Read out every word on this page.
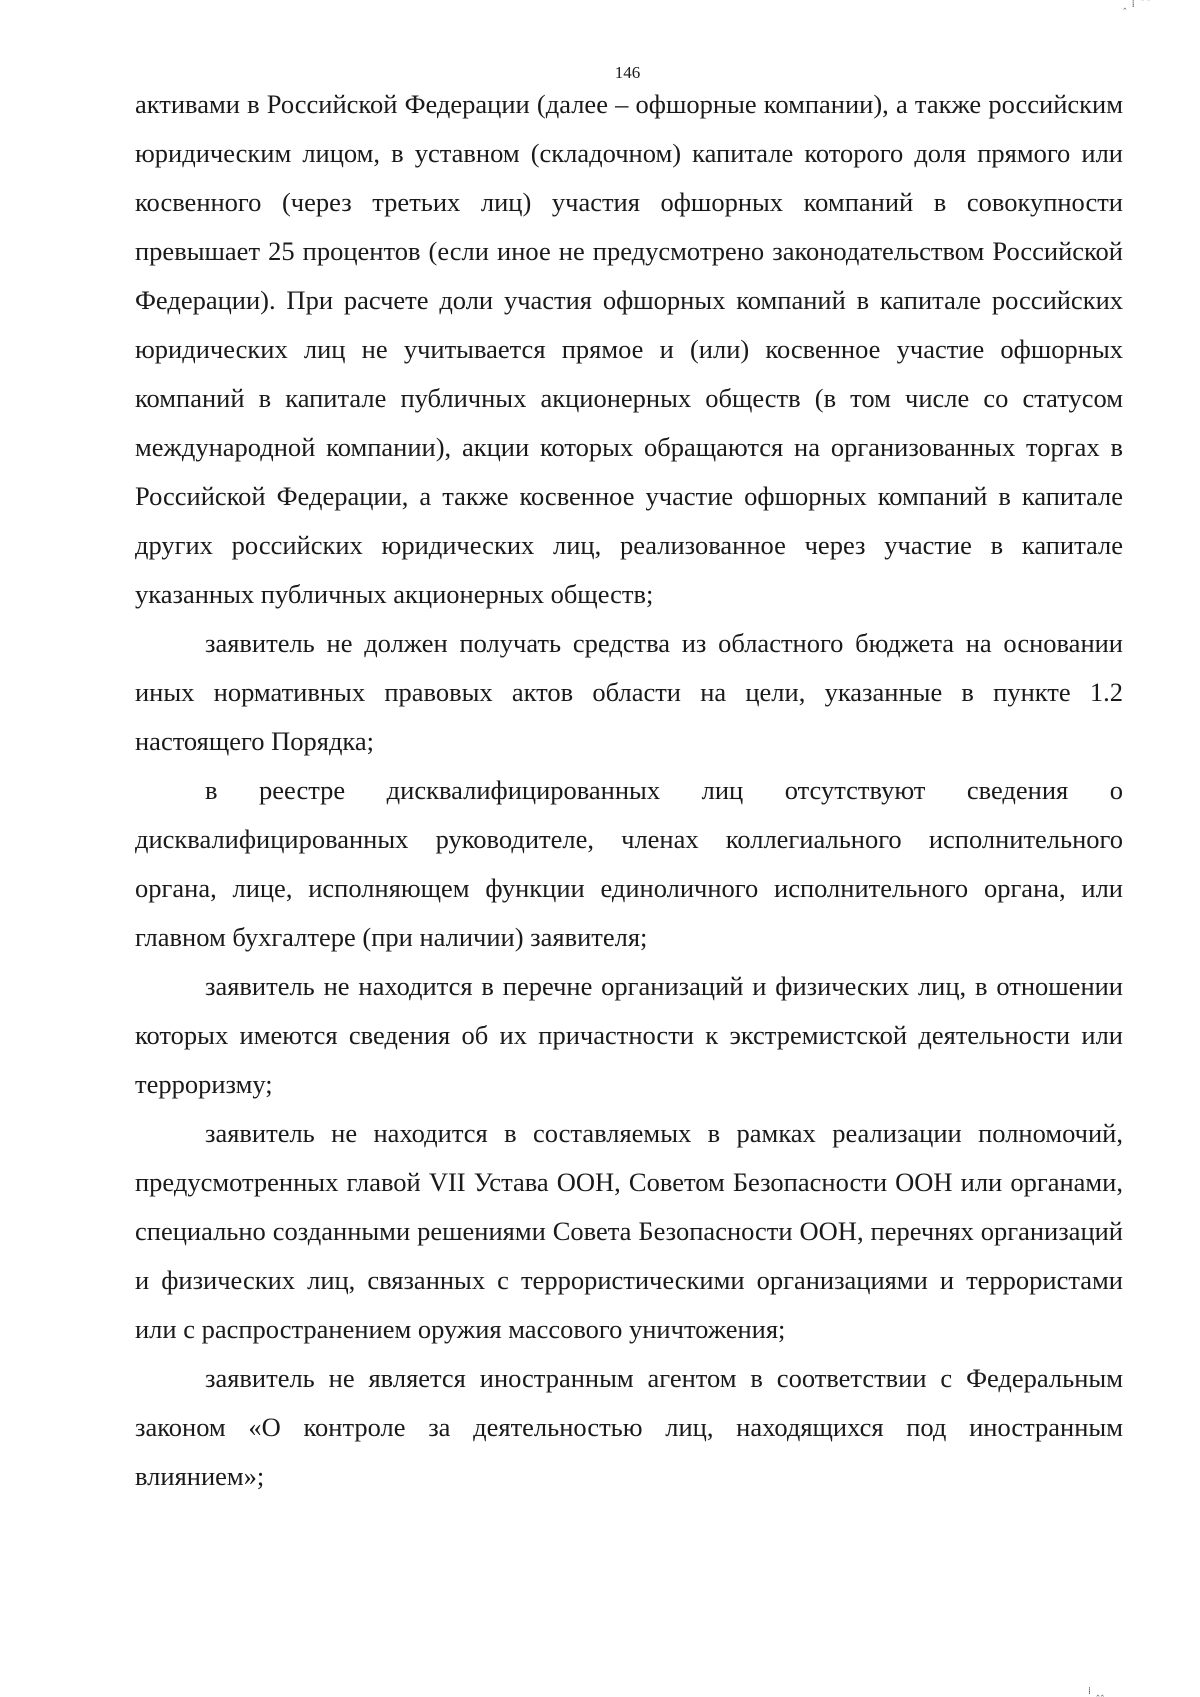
‸ ⁞ ¯¯
146

активами в Российской Федерации (далее – офшорные компании), а также российским юридическим лицом, в уставном (складочном) капитале которого доля прямого или косвенного (через третьих лиц) участия офшорных компаний в совокупности превышает 25 процентов (если иное не предусмотрено законодательством Российской Федерации). При расчете доли участия офшорных компаний в капитале российских юридических лиц не учитывается прямое и (или) косвенное участие офшорных компаний в капитале публичных акционерных обществ (в том числе со статусом международной компании), акции которых обращаются на организованных торгах в Российской Федерации, а также косвенное участие офшорных компаний в капитале других российских юридических лиц, реализованное через участие в капитале указанных публичных акционерных обществ;

заявитель не должен получать средства из областного бюджета на основании иных нормативных правовых актов области на цели, указанные в пункте 1.2 настоящего Порядка;

в реестре дисквалифицированных лиц отсутствуют сведения о дисквалифицированных руководителе, членах коллегиального исполнительного органа, лице, исполняющем функции единоличного исполнительного органа, или главном бухгалтере (при наличии) заявителя;

заявитель не находится в перечне организаций и физических лиц, в отношении которых имеются сведения об их причастности к экстремистской деятельности или терроризму;

заявитель не находится в составляемых в рамках реализации полномочий, предусмотренных главой VII Устава ООН, Советом Безопасности ООН или органами, специально созданными решениями Совета Безопасности ООН, перечнях организаций и физических лиц, связанных с террористическими организациями и террористами или с распространением оружия массового уничтожения;

заявитель не является иностранным агентом в соответствии с Федеральным законом «О контроле за деятельностью лиц, находящихся под иностранным влиянием»;

⁞ ‸‸
